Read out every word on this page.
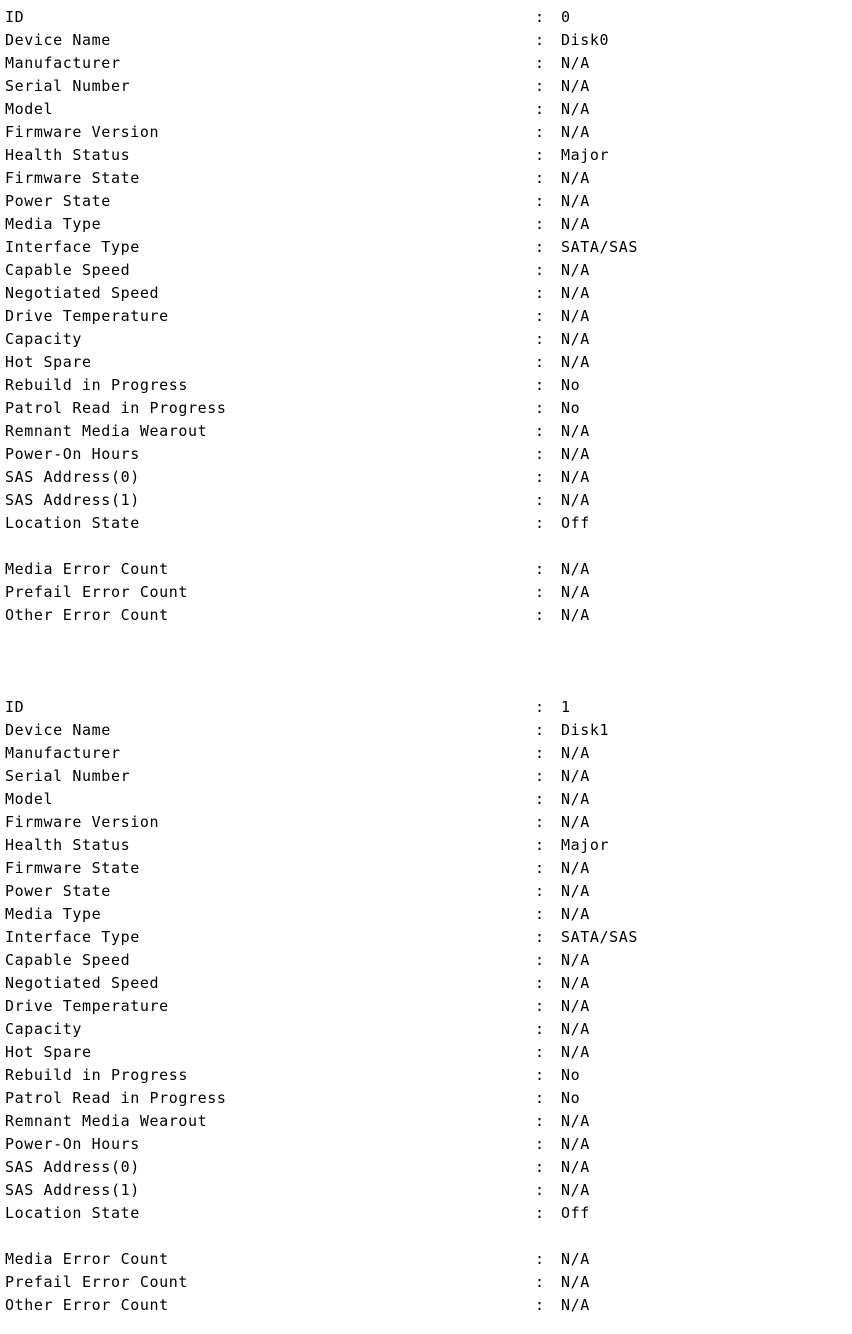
ID	:	0
Device Name	:	Disk0
Manufacturer	:	N/A
Serial Number	:	N/A
Model	:	N/A
Firmware Version	:	N/A
Health Status	:	Major
Firmware State	:	N/A
Power State	:	N/A
Media Type	:	N/A
Interface Type	:	SATA/SAS
Capable Speed	:	N/A
Negotiated Speed	:	N/A
Drive Temperature	:	N/A
Capacity	:	N/A
Hot Spare	:	N/A
Rebuild in Progress	:	No
Patrol Read in Progress	:	No
Remnant Media Wearout	:	N/A
Power-On Hours	:	N/A
SAS Address(0)	:	N/A
SAS Address(1)	:	N/A
Location State	:	Off
Media Error Count	:	N/A
Prefail Error Count	:	N/A
Other Error Count	:	N/A
ID	:	1
Device Name	:	Disk1
Manufacturer	:	N/A
Serial Number	:	N/A
Model	:	N/A
Firmware Version	:	N/A
Health Status	:	Major
Firmware State	:	N/A
Power State	:	N/A
Media Type	:	N/A
Interface Type	:	SATA/SAS
Capable Speed	:	N/A
Negotiated Speed	:	N/A
Drive Temperature	:	N/A
Capacity	:	N/A
Hot Spare	:	N/A
Rebuild in Progress	:	No
Patrol Read in Progress	:	No
Remnant Media Wearout	:	N/A
Power-On Hours	:	N/A
SAS Address(0)	:	N/A
SAS Address(1)	:	N/A
Location State	:	Off
Media Error Count	:	N/A
Prefail Error Count	:	N/A
Other Error Count	:	N/A
